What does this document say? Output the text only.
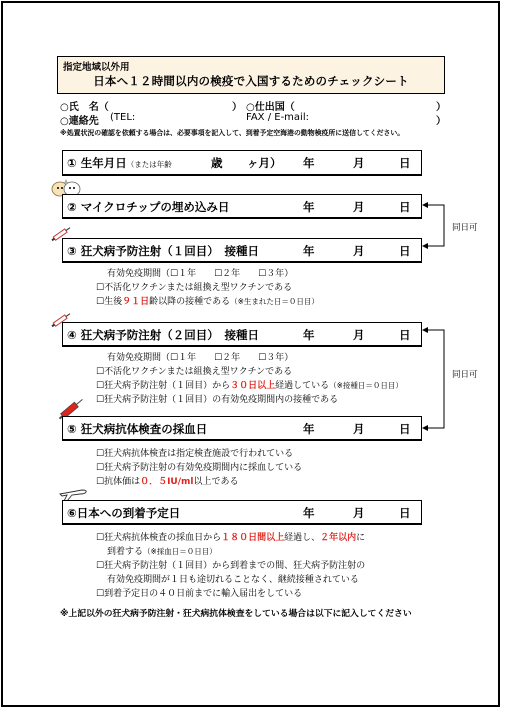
指定地域以外用
日本へ１２時間以内の検疫で入国するためのチェックシート
○氏　名（	） ○仕出国（	）
○連絡先 (TEL:	FAX / E-mail:	）
※処置状況の確認を依頼する場合は、必要事項を記入して、到着予定空海港の動物検疫所に送信してください。
① 生年月日（または年齢	歳 ヶ月） 年	月	日
② マイクロチップの埋め込み日	年	月	日
③ 狂犬病予防注射（１回目）　接種日	年	月	日
有効免疫期間（☐１年　　☐２年　　☐３年）
☐不活化ワクチンまたは組換え型ワクチンである
☐生後９１日齢以降の接種である（※生まれた日＝０日目）
④ 狂犬病予防注射（２回目）　接種日	年	月	日
有効免疫期間（☐１年　　☐２年　　☐３年）
☐不活化ワクチンまたは組換え型ワクチンである
☐狂犬病予防注射（１回目）から３０日以上経過している（※接種日＝０日目）
☐狂犬病予防注射（１回目）の有効免疫期間内の接種である
⑤ 狂犬病抗体検査の採血日	年	月	日
☐狂犬病抗体検査は指定検査施設で行われている
☐狂犬病予防注射の有効免疫期間内に採血している
☐抗体価は０．５IU/ml以上である
⑥日本への到着予定日	年	月	日
☐狂犬病抗体検査の採血日から１８０日間以上経過し、２年以内に
到着する（※採血日＝０日目）
☐狂犬病予防注射（１回目）から到着までの間、狂犬病予防注射の
有効免疫期間が１日も途切れることなく、継続接種されている
☐到着予定日の４０日前までに輸入届出をしている
※上記以外の狂犬病予防注射・狂犬病抗体検査をしている場合は以下に記入してください
同日可
同日可
